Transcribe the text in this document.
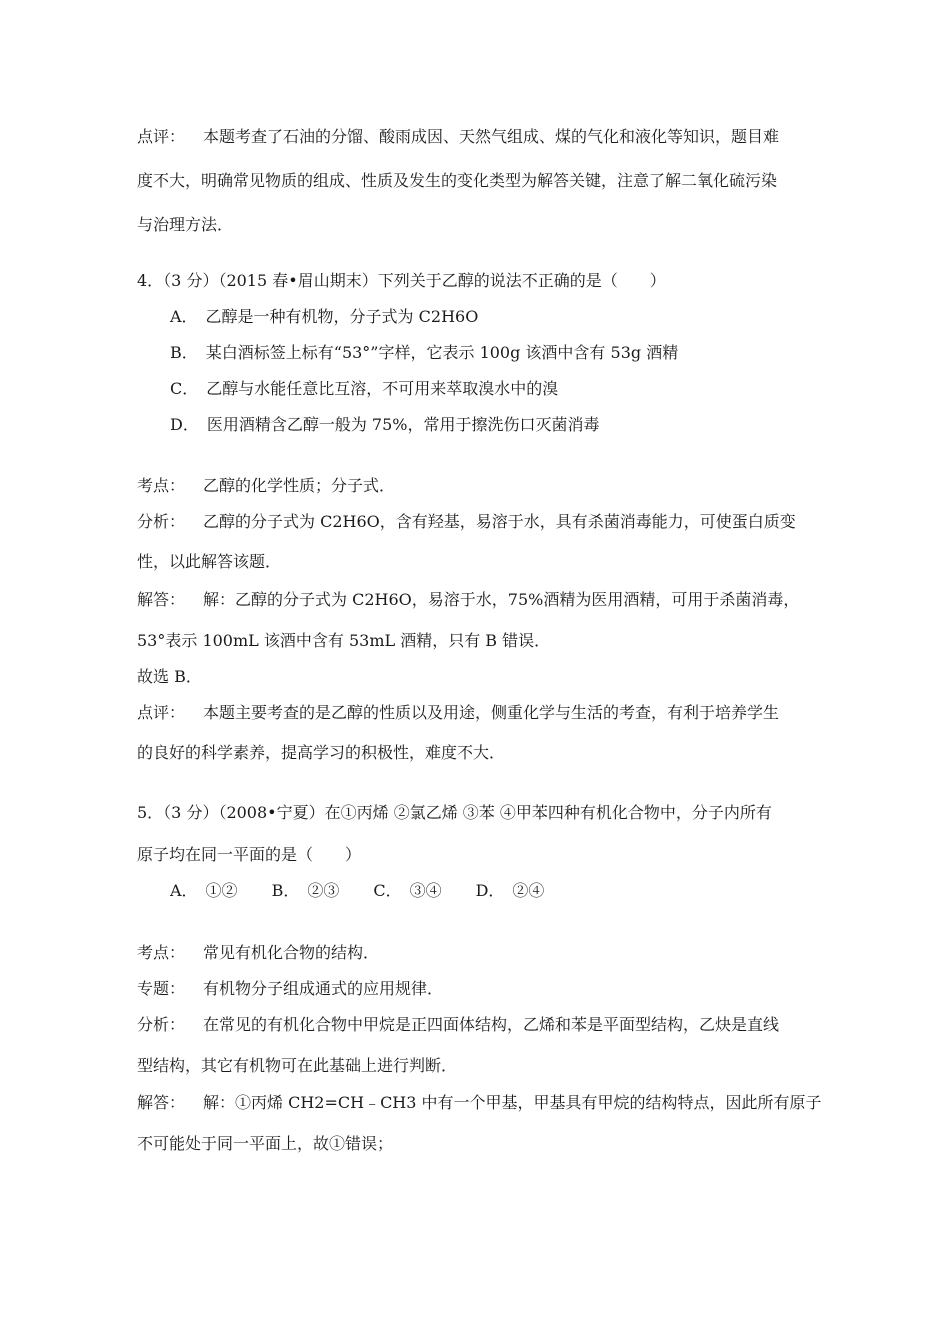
点评： 本题考查了石油的分馏、酸雨成因、天然气组成、煤的气化和液化等知识，题目难
度不大，明确常见物质的组成、性质及发生的变化类型为解答关键，注意了解二氧化硫污染
与治理方法．
4．（3 分）（2015 春•眉山期末）下列关于乙醇的说法不正确的是（　　）
A．　乙醇是一种有机物，分子式为 C2H6O
B．　某白酒标签上标有“53°”字样，它表示 100g 该酒中含有 53g 酒精
C．　乙醇与水能任意比互溶，不可用来萃取溴水中的溴
D．　医用酒精含乙醇一般为 75%，常用于擦洗伤口灭菌消毒
考点： 乙醇的化学性质；分子式．
分析： 乙醇的分子式为 C2H6O，含有羟基，易溶于水，具有杀菌消毒能力，可使蛋白质变
性，以此解答该题．
解答： 解：乙醇的分子式为 C2H6O，易溶于水，75%酒精为医用酒精，可用于杀菌消毒，
53°表示 100mL 该酒中含有 53mL 酒精，只有 B 错误．
故选 B．
点评： 本题主要考查的是乙醇的性质以及用途，侧重化学与生活的考查，有利于培养学生
的良好的科学素养，提高学习的积极性，难度不大．
5．（3 分）（2008•宁夏）在①丙烯 ②氯乙烯 ③苯 ④甲苯四种有机化合物中，分子内所有
原子均在同一平面的是（　　）
A．　①② B．　②③ C．　③④ D．　②④
考点： 常见有机化合物的结构．
专题： 有机物分子组成通式的应用规律．
分析： 在常见的有机化合物中甲烷是正四面体结构，乙烯和苯是平面型结构，乙炔是直线
型结构，其它有机物可在此基础上进行判断．
解答： 解：①丙烯 CH2=CH﹣CH3 中有一个甲基，甲基具有甲烷的结构特点，因此所有原子
不可能处于同一平面上，故①错误；
